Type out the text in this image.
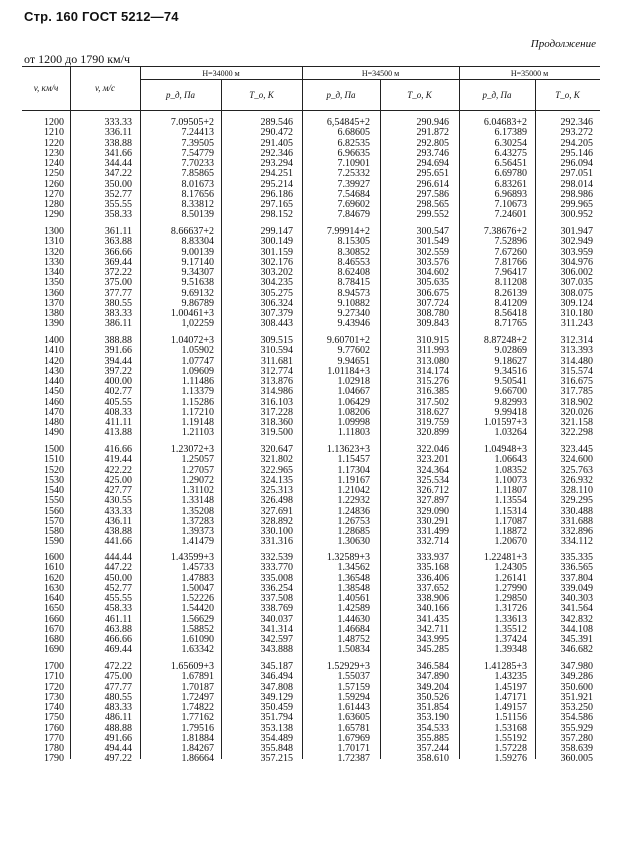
Стр. 160 ГОСТ 5212—74
Продолжение
от 1200 до 1790 км/ч
v, км/ч	v, м/с
H=34000 м	H=34500 м	H=35000 м
p_д, Па	T_o, К	p_д, Па	T_o, К	p_д, Па	T_o, К
1200	333.33	7.09505+2	289.546	6,54845+2	290.946	6.04683+2	292.346
1210	336.11	7.24413	290.472	6.68605	291.872	6.17389	293.272
1220	338.88	7.39505	291.405	6.82535	292.805	6.30254	294.205
1230	341.66	7.54779	292.346	6.96635	293.746	6.43275	295.146
1240	344.44	7.70233	293.294	7.10901	294.694	6.56451	296.094
1250	347.22	7.85865	294.251	7.25332	295.651	6.69780	297.051
1260	350.00	8.01673	295.214	7.39927	296.614	6.83261	298.014
1270	352.77	8.17656	296.186	7.54684	297.586	6.96893	298.986
1280	355.55	8.33812	297.165	7.69602	298.565	7.10673	299.965
1290	358.33	8.50139	298.152	7.84679	299.552	7.24601	300.952
1300	361.11	8.66637+2	299.147	7.99914+2	300.547	7.38676+2	301.947
1310	363.88	8.83304	300.149	8.15305	301.549	7.52896	302.949
1320	366.66	9.00139	301.159	8.30852	302.559	7.67260	303.959
1330	369.44	9.17140	302.176	8.46553	303.576	7.81766	304.976
1340	372.22	9.34307	303.202	8.62408	304.602	7.96417	306.002
1350	375.00	9.51638	304.235	8.78415	305.635	8.11208	307.035
1360	377.77	9.69132	305.275	8.94573	306.675	8.26139	308.075
1370	380.55	9.86789	306.324	9.10882	307.724	8.41209	309.124
1380	383.33	1.00461+3	307.379	9.27340	308.780	8.56418	310.180
1390	386.11	1,02259	308.443	9.43946	309.843	8.71765	311.243
1400	388.88	1.04072+3	309.515	9.60701+2	310.915	8.87248+2	312.314
1410	391.66	1.05902	310.594	9.77602	311.993	9.02869	313.393
1420	394.44	1.07747	311.681	9.94651	313.080	9.18627	314.480
1430	397.22	1.09609	312.774	1.01184+3	314.174	9.34516	315.574
1440	400.00	1.11486	313.876	1.02918	315.276	9.50541	316.675
1450	402.77	1.13379	314.986	1.04667	316.385	9.66700	317.785
1460	405.55	1.15286	316.103	1.06429	317.502	9.82993	318.902
1470	408.33	1.17210	317.228	1.08206	318.627	9.99418	320.026
1480	411.11	1.19148	318.360	1.09998	319.759	1.01597+3	321.158
1490	413.88	1.21103	319.500	1.11803	320.899	1.03264	322.298
1500	416.66	1.23072+3	320.647	1.13623+3	322.046	1.04948+3	323.445
1510	419.44	1.25057	321.802	1.15457	323.201	1.06643	324.600
1520	422.22	1.27057	322.965	1.17304	324.364	1.08352	325.763
1530	425.00	1.29072	324.135	1.19167	325.534	1.10073	326.932
1540	427.77	1.31102	325.313	1.21042	326.712	1.11807	328.110
1550	430.55	1.33148	326.498	1.22932	327.897	1.13554	329.295
1560	433.33	1.35208	327.691	1.24836	329.090	1.15314	330.488
1570	436.11	1.37283	328.892	1.26753	330.291	1.17087	331.688
1580	438.88	1.39373	330.100	1.28685	331.499	1.18872	332.896
1590	441.66	1.41479	331.316	1.30630	332.714	1.20670	334.112
1600	444.44	1.43599+3	332.539	1.32589+3	333.937	1.22481+3	335.335
1610	447.22	1.45733	333.770	1.34562	335.168	1.24305	336.565
1620	450.00	1.47883	335.008	1.36548	336.406	1.26141	337.804
1630	452.77	1.50047	336.254	1.38548	337.652	1.27990	339.049
1640	455.55	1.52226	337.508	1.40561	338.906	1.29850	340.303
1650	458.33	1.54420	338.769	1.42589	340.166	1.31726	341.564
1660	461.11	1.56629	340.037	1.44630	341.435	1.33613	342.832
1670	463.88	1.58852	341.314	1.46684	342.711	1.35512	344.108
1680	466.66	1.61090	342.597	1.48752	343.995	1.37424	345.391
1690	469.44	1.63342	343.888	1.50834	345.285	1.39348	346.682
1700	472.22	1.65609+3	345.187	1.52929+3	346.584	1.41285+3	347.980
1710	475.00	1.67891	346.494	1.55037	347.890	1.43235	349.286
1720	477.77	1.70187	347.808	1.57159	349.204	1.45197	350.600
1730	480.55	1.72497	349.129	1.59294	350.526	1.47171	351.921
1740	483.33	1.74822	350.459	1.61443	351.854	1.49157	353.250
1750	486.11	1.77162	351.794	1.63605	353.190	1.51156	354.586
1760	488.88	1.79516	353.138	1.65781	354.533	1.53168	355.929
1770	491.66	1.81884	354.489	1.67969	355.885	1.55192	357.280
1780	494.44	1.84267	355.848	1.70171	357.244	1.57228	358.639
1790	497.22	1.86664	357.215	1.72387	358.610	1.59276	360.005
